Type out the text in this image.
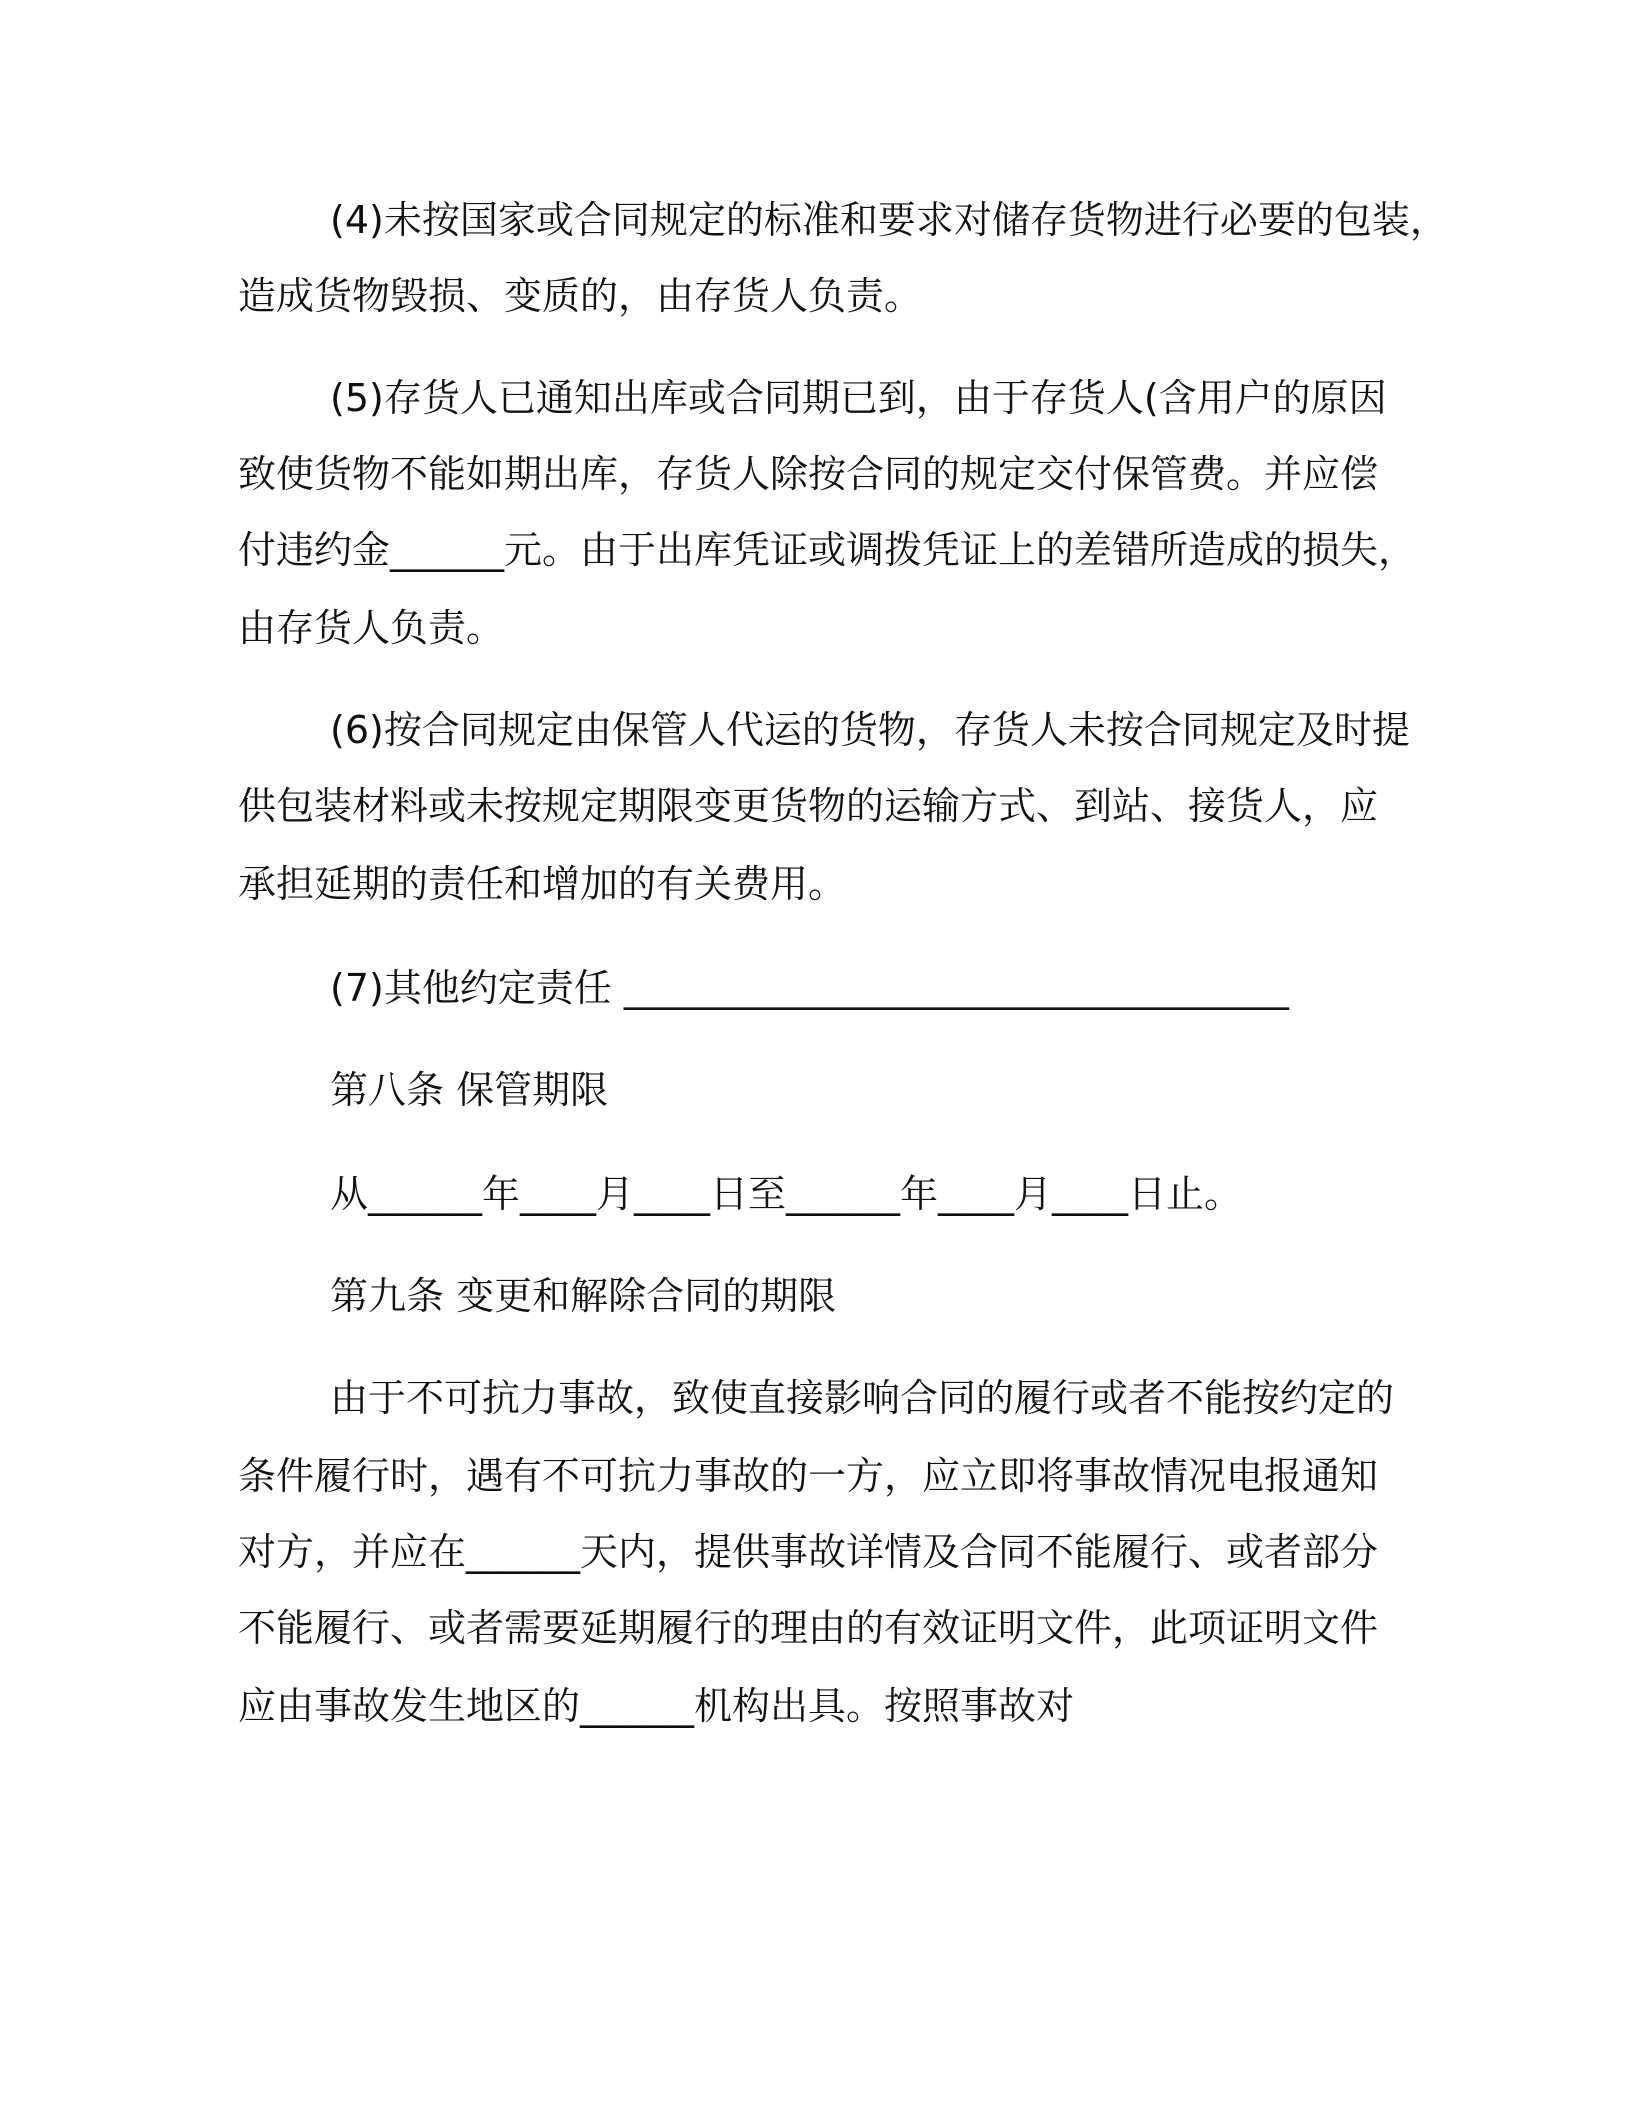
(4)未按国家或合同规定的标准和要求对储存货物进行必要的包装，
造成货物毁损、变质的，由存货人负责。
(5)存货人已通知出库或合同期已到，由于存货人(含用户的原因
致使货物不能如期出库，存货人除按合同的规定交付保管费。并应偿
付违约金______元。由于出库凭证或调拨凭证上的差错所造成的损失，
由存货人负责。
(6)按合同规定由保管人代运的货物，存货人未按合同规定及时提
供包装材料或未按规定期限变更货物的运输方式、到站、接货人，应
承担延期的责任和增加的有关费用。
(7)其他约定责任 ___________________________________
第八条 保管期限
从______年____月____日至______年____月____日止。
第九条 变更和解除合同的期限
由于不可抗力事故，致使直接影响合同的履行或者不能按约定的
条件履行时，遇有不可抗力事故的一方，应立即将事故情况电报通知
对方，并应在______天内，提供事故详情及合同不能履行、或者部分
不能履行、或者需要延期履行的理由的有效证明文件，此项证明文件
应由事故发生地区的______机构出具。按照事故对
